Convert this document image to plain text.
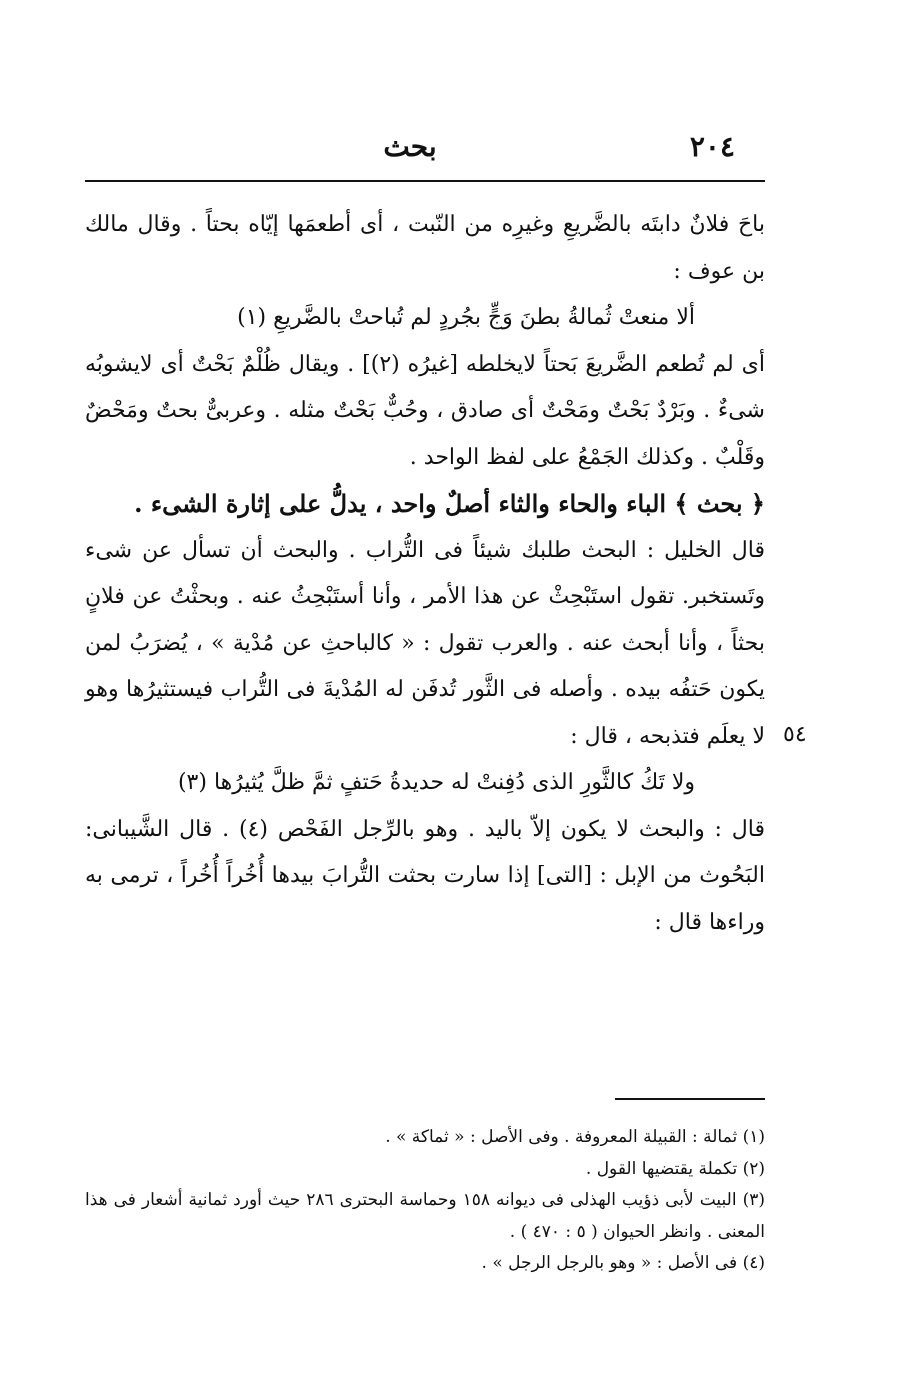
٢٠٤
بحث

باحَ فلانٌ دابتَه بالضَّريعِ وغيرِه من النّبت ، أى أطعمَها إيّاه بحتاً . وقال مالك بن عوف :

ألا منعتْ ثُمالةُ بطنَ وَجٍّ بجُردٍ لم تُباحتْ بالضَّريعِ (١)

أى لم تُطعم الضَّريعَ بَحتاً لايخلطه [غيرُه (٢)] . ويقال ظُلْمٌ بَحْتٌ أى لايشوبُه شىءٌ . وبَرْدٌ بَحْتٌ ومَحْتٌ أى صادق ، وحُبٌّ بَحْتٌ مثله . وعربىٌّ بحتٌ ومَحْضٌ وقَلْبٌ . وكذلك الجَمْعُ على لفظ الواحد .

﴿ بحث ﴾ الباء والحاء والثاء أصلٌ واحد ، يدلُّ على إثارة الشىء .

قال الخليل : البحث طلبك شيئاً فى التُّراب . والبحث أن تسأل عن شىء وتَستخبر. تقول استَبْحِثْ عن هذا الأمر ، وأنا أستَبْحِثُ عنه . وبحثْتُ عن فلانٍ بحثاً ، وأنا أبحث عنه . والعرب تقول : « كالباحثِ عن مُدْية » ، يُضرَبُ لمن يكون حَتفُه بيده . وأصله فى الثَّور تُدفَن له المُدْيةَ فى التُّراب فيستثيرُها وهو لا يعلَم فتذبحه ، قال :

ولا تَكُ كالثَّورِ الذى دُفِنتْ له حديدةُ حَتفٍ ثمَّ ظلَّ يُثيرُها (٣)

قال : والبحث لا يكون إلاّ باليد . وهو بالرِّجل الفَحْص (٤) . قال الشَّيبانى: البَحُوث من الإبل : [التى] إذا سارت بحثت التُّرابَ بيدها أُخُراً أُخُراً ، ترمى به وراءها قال :

٥٤

(١) ثمالة : القبيلة المعروفة . وفى الأصل : « ثماكة » .

(٢) تكملة يقتضيها القول .

(٣) البيت لأبى ذؤيب الهذلى فى ديوانه ١٥٨ وحماسة البحترى ٢٨٦ حيث أورد ثمانية أشعار فى هذا المعنى . وانظر الحيوان ( ٥ : ٤٧٠ ) .

(٤) فى الأصل : « وهو بالرجل الرجل » .
